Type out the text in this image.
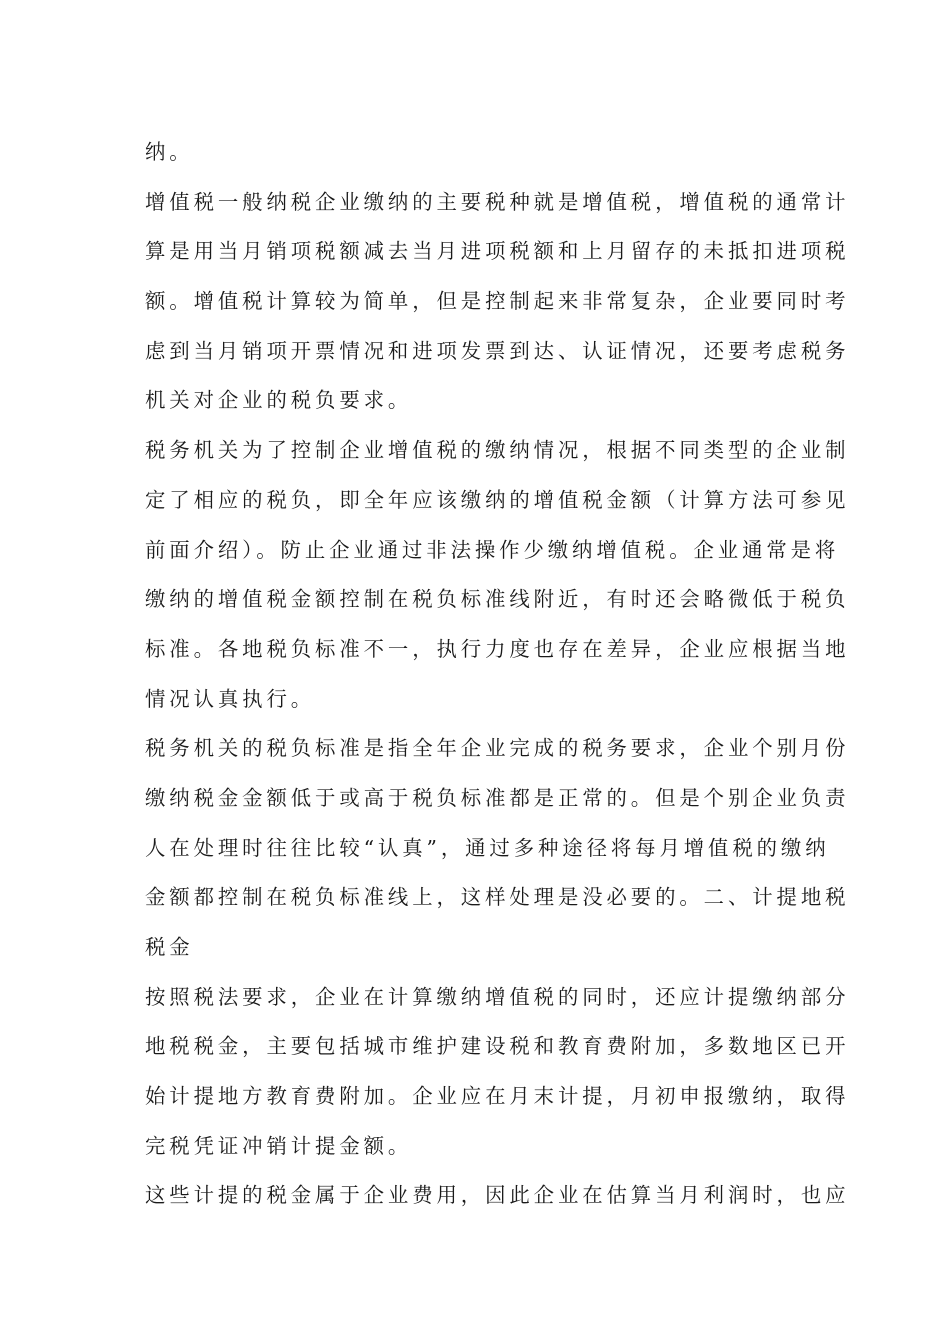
纳。
增值税一般纳税企业缴纳的主要税种就是增值税，增值税的通常计
算是用当月销项税额减去当月进项税额和上月留存的未抵扣进项税
额。增值税计算较为简单，但是控制起来非常复杂，企业要同时考
虑到当月销项开票情况和进项发票到达、认证情况，还要考虑税务
机关对企业的税负要求。
税务机关为了控制企业增值税的缴纳情况，根据不同类型的企业制
定了相应的税负，即全年应该缴纳的增值税金额（计算方法可参见
前面介绍）。防止企业通过非法操作少缴纳增值税。企业通常是将
缴纳的增值税金额控制在税负标准线附近，有时还会略微低于税负
标准。各地税负标准不一，执行力度也存在差异，企业应根据当地
情况认真执行。
税务机关的税负标准是指全年企业完成的税务要求，企业个别月份
缴纳税金金额低于或高于税负标准都是正常的。但是个别企业负责
人在处理时往往比较“认真”，通过多种途径将每月增值税的缴纳
金额都控制在税负标准线上，这样处理是没必要的。二、计提地税
税金
按照税法要求，企业在计算缴纳增值税的同时，还应计提缴纳部分
地税税金，主要包括城市维护建设税和教育费附加，多数地区已开
始计提地方教育费附加。企业应在月末计提，月初申报缴纳，取得
完税凭证冲销计提金额。
这些计提的税金属于企业费用，因此企业在估算当月利润时，也应
